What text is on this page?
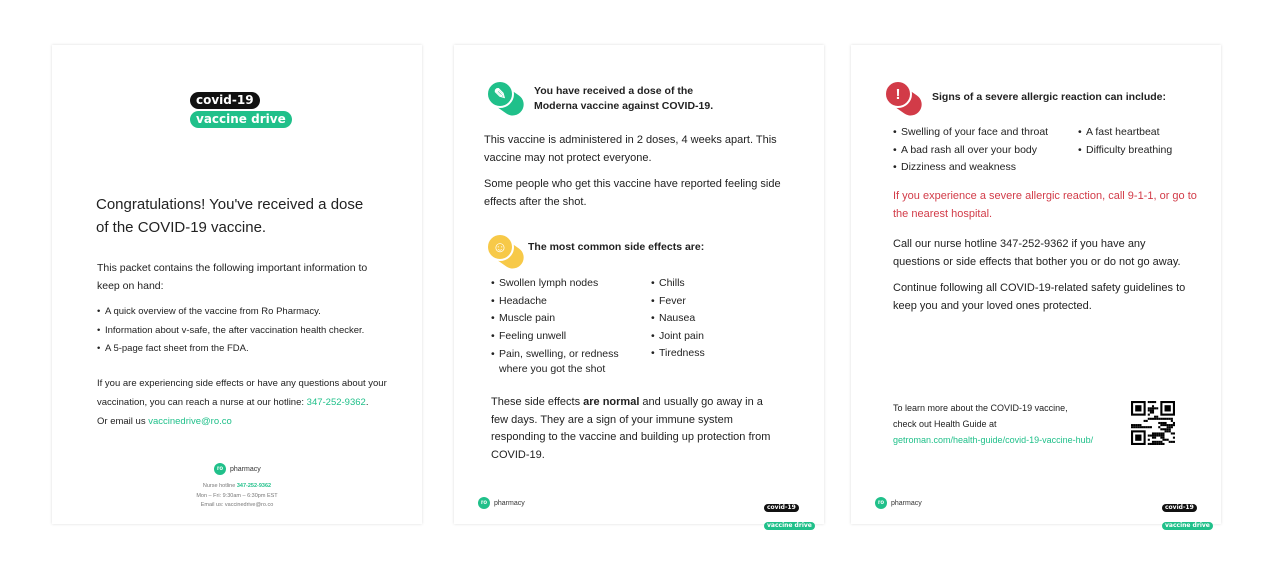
covid-19
vaccine drive
Congratulations! You've received a dose of the COVID-19 vaccine.
This packet contains the following important information to keep on hand:
• A quick overview of the vaccine from Ro Pharmacy.
• Information about v-safe, the after vaccination health checker.
• A 5-page fact sheet from the FDA.
If you are experiencing side effects or have any questions about your vaccination, you can reach a nurse at our hotline: 347-252-9362.
Or email us vaccinedrive@ro.co
ro	pharmacy
Nurse hotline 347-252-9362
Mon – Fri: 9:30am – 6:30pm EST
Email us: vaccinedrive@ro.co
✎	You have received a dose of the Moderna vaccine against COVID-19.
This vaccine is administered in 2 doses, 4 weeks apart. This vaccine may not protect everyone.
Some people who get this vaccine have reported feeling side effects after the shot.
☺	The most common side effects are:
• Swollen lymph nodes
• Headache
• Muscle pain
• Feeling unwell
• Pain, swelling, or redness where you got the shot
• Chills
• Fever
• Nausea
• Joint pain
• Tiredness
These side effects are normal and usually go away in a few days. They are a sign of your immune system responding to the vaccine and building up protection from COVID-19.
ro	pharmacy
covid-19
vaccine drive
!	Signs of a severe allergic reaction can include:
• Swelling of your face and throat
• A bad rash all over your body
• Dizziness and weakness
• A fast heartbeat
• Difficulty breathing
If you experience a severe allergic reaction, call 9-1-1, or go to the nearest hospital.
Call our nurse hotline 347-252-9362 if you have any questions or side effects that bother you or do not go away.
Continue following all COVID-19-related safety guidelines to keep you and your loved ones protected.
To learn more about the COVID-19 vaccine, check out Health Guide at
getroman.com/health-guide/covid-19-vaccine-hub/
ro	pharmacy
covid-19
vaccine drive
